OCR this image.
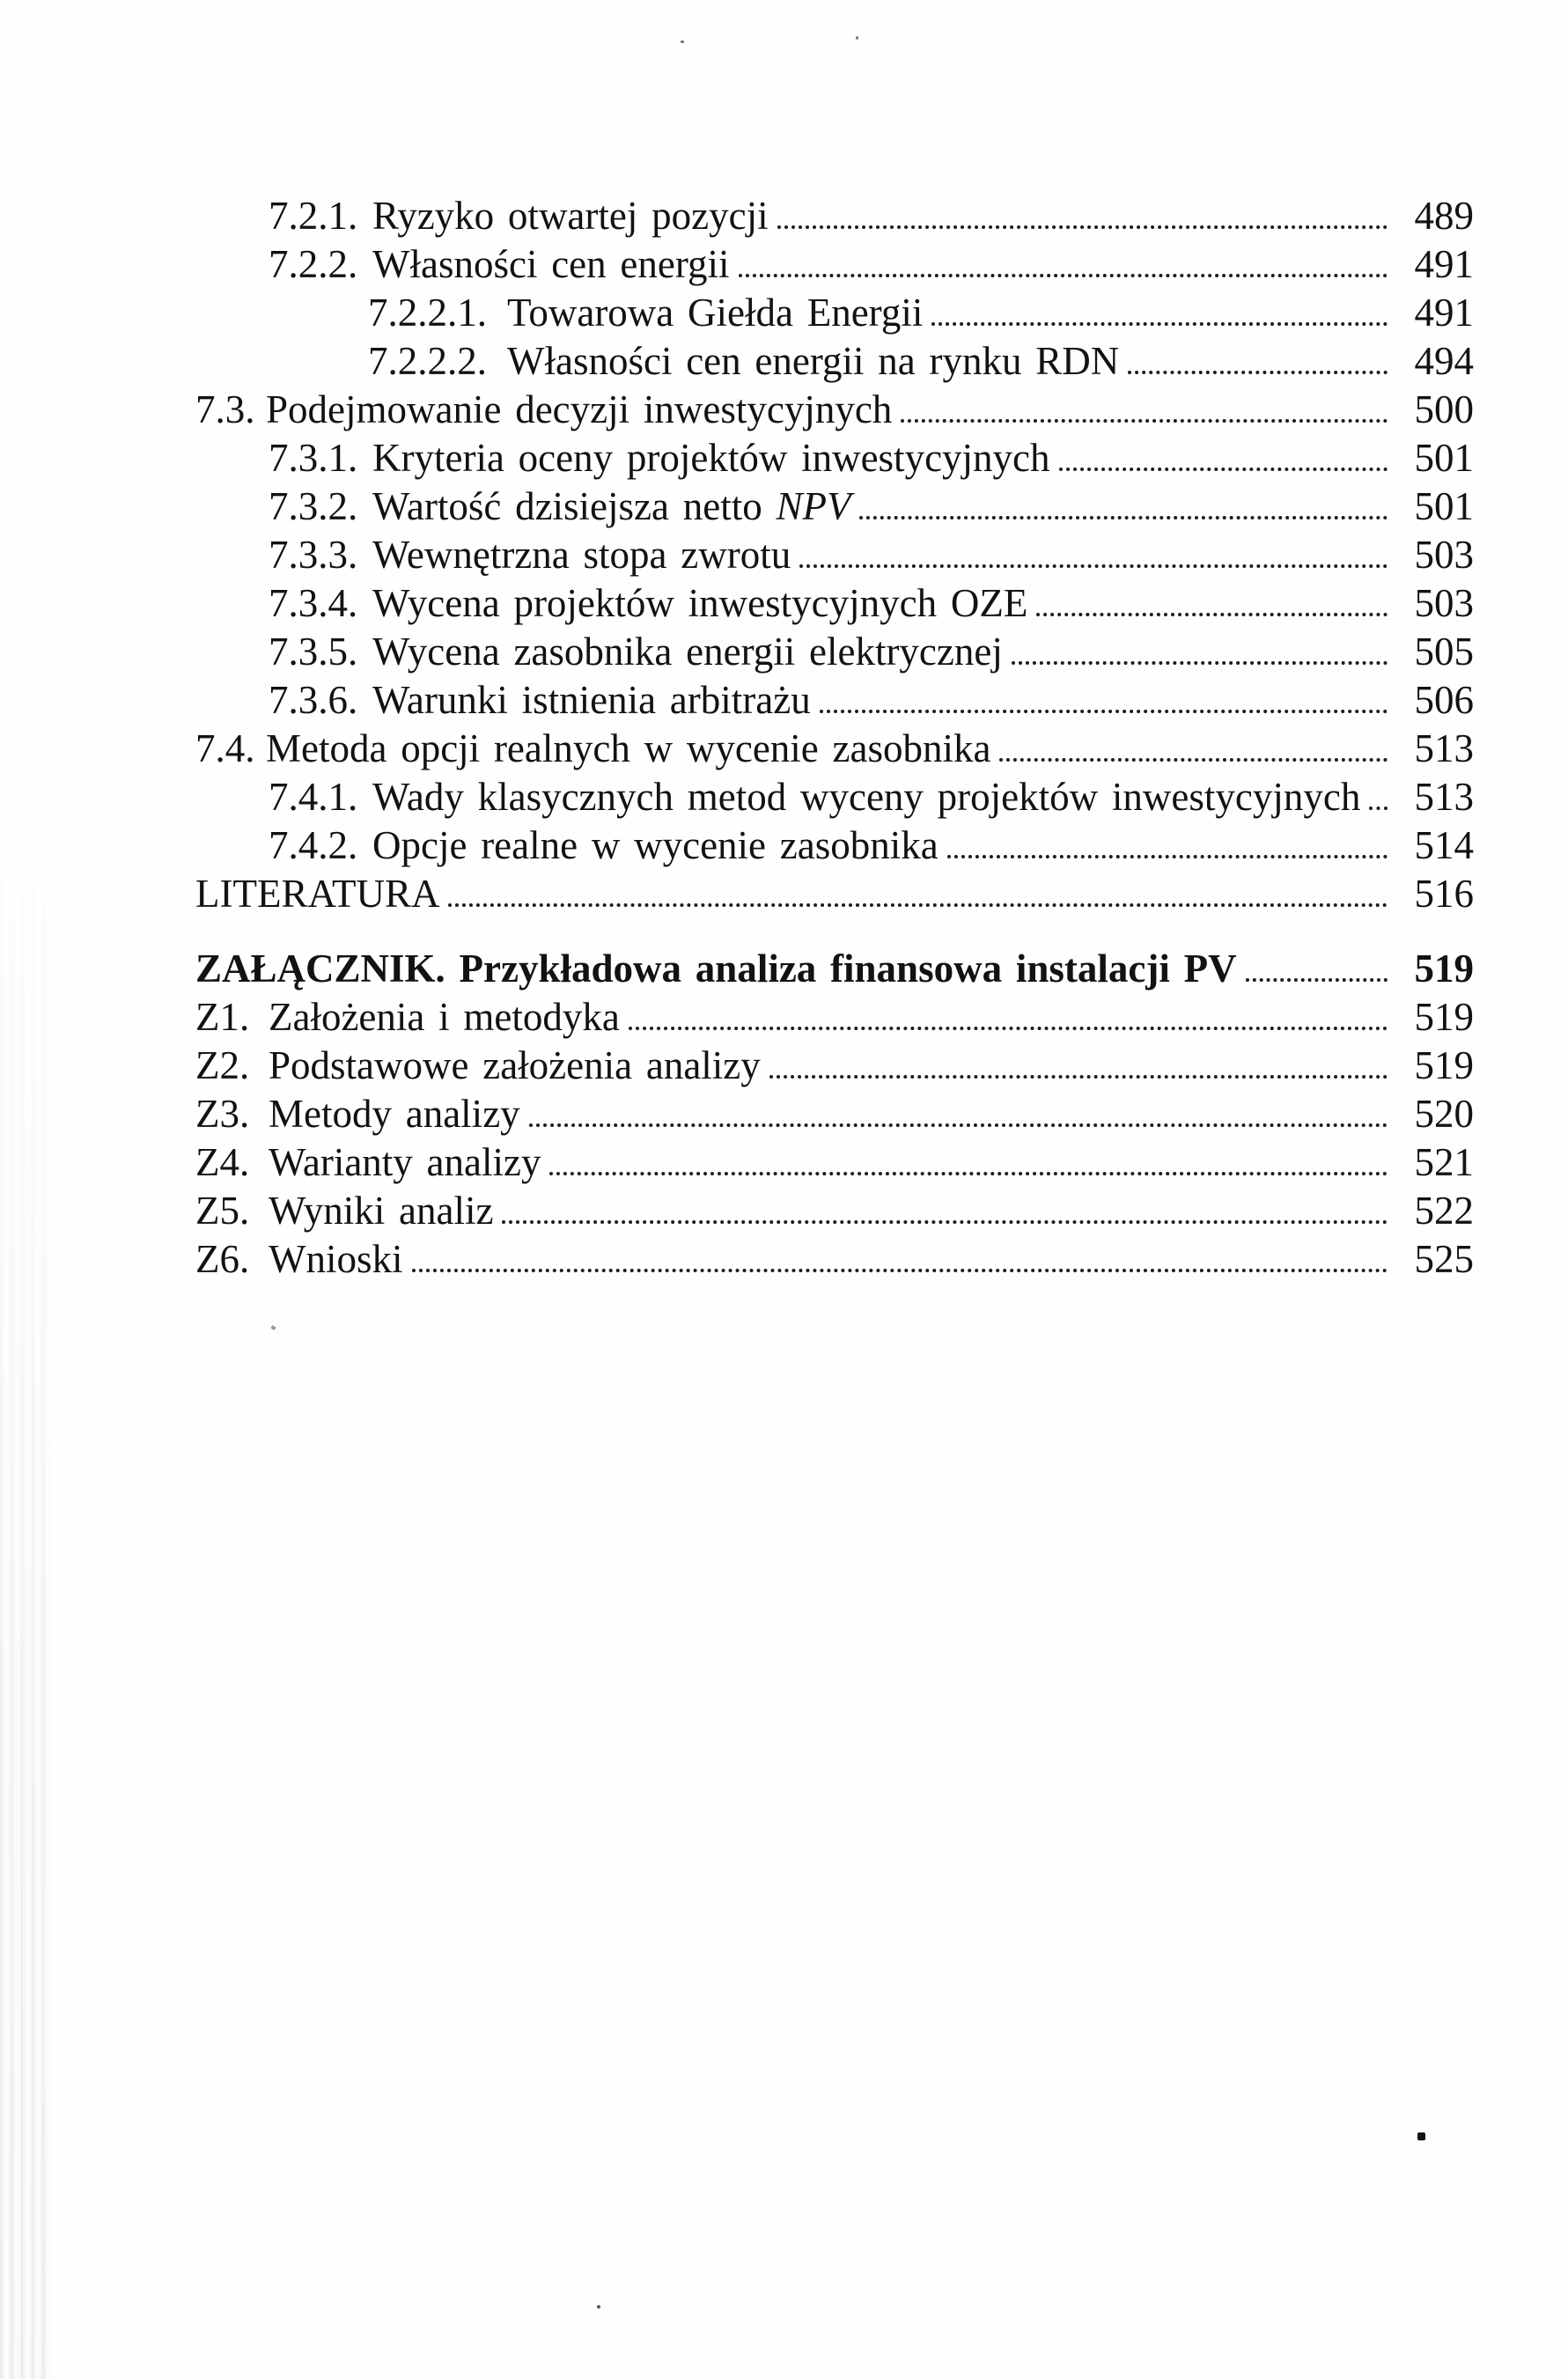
7.2.1. Ryzyko otwartej pozycji	489
7.2.2. Własności cen energii	491
7.2.2.1. Towarowa Giełda Energii	491
7.2.2.2. Własności cen energii na rynku RDN	494
7.3. Podejmowanie decyzji inwestycyjnych	500
7.3.1. Kryteria oceny projektów inwestycyjnych	501
7.3.2. Wartość dzisiejsza netto NPV	501
7.3.3. Wewnętrzna stopa zwrotu	503
7.3.4. Wycena projektów inwestycyjnych OZE	503
7.3.5. Wycena zasobnika energii elektrycznej	505
7.3.6. Warunki istnienia arbitrażu	506
7.4. Metoda opcji realnych w wycenie zasobnika	513
7.4.1. Wady klasycznych metod wyceny projektów inwestycyjnych 513
7.4.2. Opcje realne w wycenie zasobnika	514
LITERATURA	516
ZAŁĄCZNIK. Przykładowa analiza finansowa instalacji PV	519
Z1. Założenia i metodyka	519
Z2. Podstawowe założenia analizy	519
Z3. Metody analizy	520
Z4. Warianty analizy	521
Z5. Wyniki analiz	522
Z6. Wnioski	525
